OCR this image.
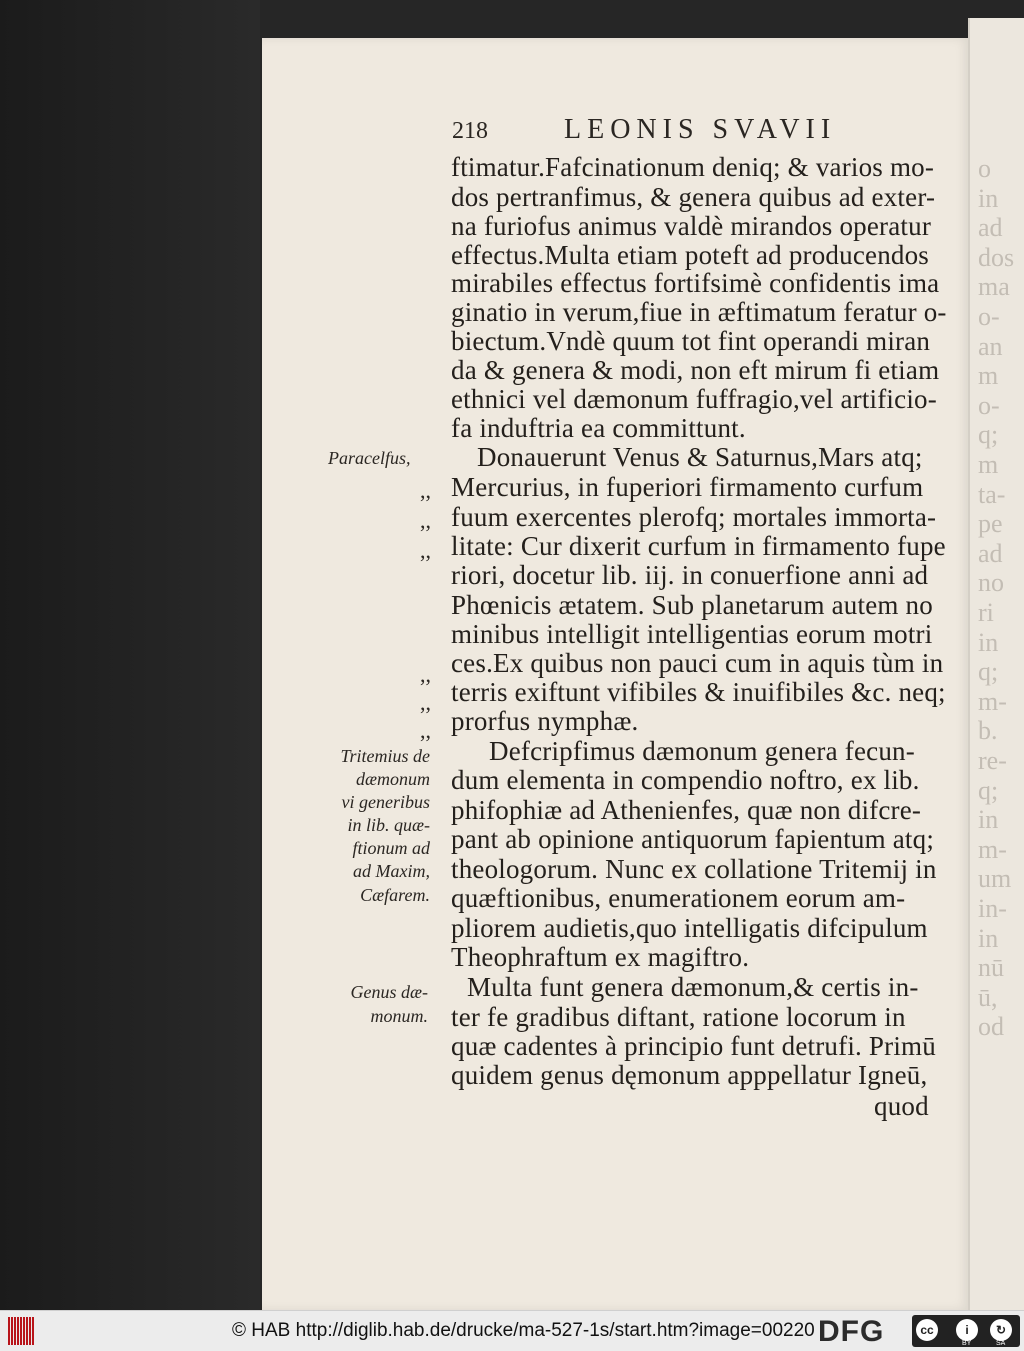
o
in
ad
dos
ma
o-
an
m
o-
q;
m
ta-
pe
ad
no
ri
in
q;
m-
b.
re-
q;
in
m-
um
in-
in
nū
ū,
od
218	LEONIS SVAVII
ftimatur.Fafcinationum deniq; & varios mo-
dos pertranfimus, & genera quibus ad exter-
na furiofus animus valdè mirandos operatur
effectus.Multa etiam poteft ad producendos
mirabiles effectus fortifsimè confidentis ima
ginatio in verum,fiue in æftimatum feratur o-
biectum.Vndè quum tot fint operandi miran
da & genera & modi, non eft mirum fi etiam
ethnici vel dæmonum fuffragio,vel artificio-
fa induftria ea committunt.
Donauerunt Venus & Saturnus,Mars atq;
Mercurius, in fuperiori firmamento curfum
fuum exercentes plerofq; mortales immorta-
litate: Cur dixerit curfum in firmamento fupe
riori, docetur lib. iij. in conuerfione anni ad
Phœnicis ætatem. Sub planetarum autem no
minibus intelligit intelligentias eorum motri
ces.Ex quibus non pauci cum in aquis tùm in
terris exiftunt vifibiles & inuifibiles &c. neq;
prorfus nymphæ.
Defcripfimus dæmonum genera fecun-
dum elementa in compendio noftro, ex lib.
phifophiæ ad Athenienfes, quæ non difcre-
pant ab opinione antiquorum fapientum atq;
theologorum. Nunc ex collatione Tritemij in
quæftionibus, enumerationem eorum am-
pliorem audietis,quo intelligatis difcipulum
Theophraftum ex magiftro.
Multa funt genera dæmonum,& certis in-
ter fe gradibus diftant, ratione locorum in
quæ cadentes à principio funt detrufi. Primū
quidem genus dęmonum apppellatur Igneū,
quod
Paracelfus,
Tritemius de
dæmonum
vi generibus
in lib. quæ-
ftionum ad
ad Maxim,
Cæfarem.
Genus dæ-
monum.
,,
,,
,,
,,
,,
,,
© HAB http://diglib.hab.de/drucke/ma-527-1s/start.htm?image=00220 DFG	cc	i	↻
BY	SA
